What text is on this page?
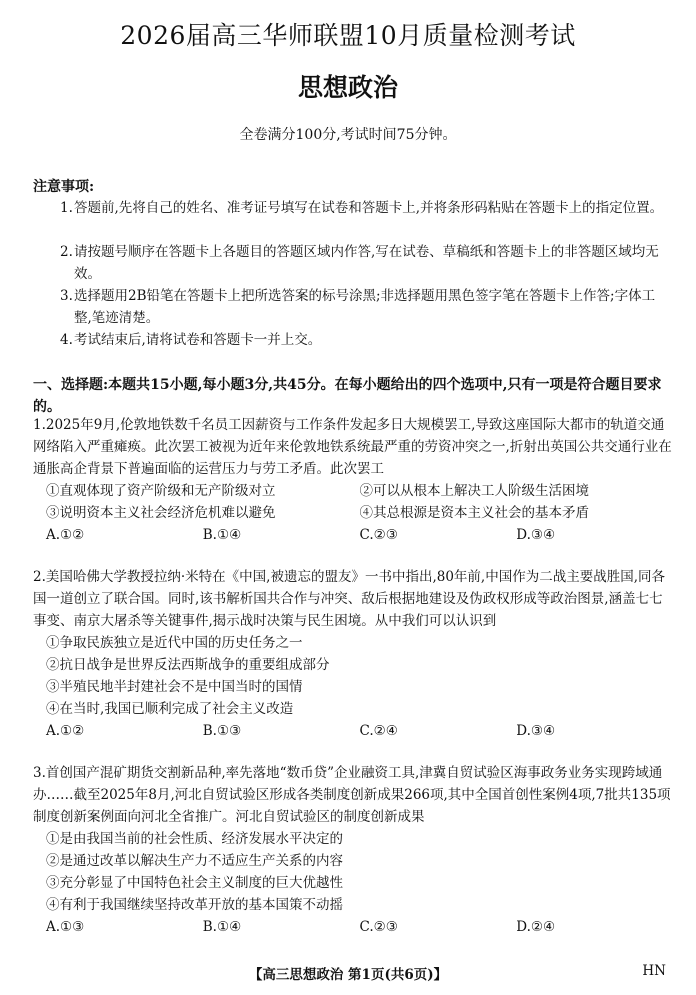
2026届高三华师联盟10月质量检测考试
思想政治
全卷满分100分,考试时间75分钟。
注意事项:
1. 答题前,先将自己的姓名、准考证号填写在试卷和答题卡上,并将条形码粘贴在答题卡上的指定位置。
2. 请按题号顺序在答题卡上各题目的答题区域内作答,写在试卷、草稿纸和答题卡上的非答题区域均无效。
3. 选择题用2B铅笔在答题卡上把所选答案的标号涂黑;非选择题用黑色签字笔在答题卡上作答;字体工整,笔迹清楚。
4. 考试结束后,请将试卷和答题卡一并上交。
一、选择题:本题共15小题,每小题3分,共45分。在每小题给出的四个选项中,只有一项是符合题目要求的。
1.2025年9月,伦敦地铁数千名员工因薪资与工作条件发起多日大规模罢工,导致这座国际大都市的轨道交通网络陷入严重瘫痪。此次罢工被视为近年来伦敦地铁系统最严重的劳资冲突之一,折射出英国公共交通行业在通胀高企背景下普遍面临的运营压力与劳工矛盾。此次罢工
①直观体现了资产阶级和无产阶级对立	②可以从根本上解决工人阶级生活困境
③说明资本主义社会经济危机难以避免	④其总根源是资本主义社会的基本矛盾
A.①②	B.①④	C.②③	D.③④
2.美国哈佛大学教授拉纳·米特在《中国,被遗忘的盟友》一书中指出,80年前,中国作为二战主要战胜国,同各国一道创立了联合国。同时,该书解析国共合作与冲突、敌后根据地建设及伪政权形成等政治图景,涵盖七七事变、南京大屠杀等关键事件,揭示战时决策与民生困境。从中我们可以认识到
①争取民族独立是近代中国的历史任务之一
②抗日战争是世界反法西斯战争的重要组成部分
③半殖民地半封建社会不是中国当时的国情
④在当时,我国已顺利完成了社会主义改造
A.①②	B.①③	C.②④	D.③④
3.首创国产混矿期货交割新品种,率先落地“数币贷”企业融资工具,津冀自贸试验区海事政务业务实现跨域通办……截至2025年8月,河北自贸试验区形成各类制度创新成果266项,其中全国首创性案例4项,7批共135项制度创新案例面向河北全省推广。河北自贸试验区的制度创新成果
①是由我国当前的社会性质、经济发展水平决定的
②是通过改革以解决生产力不适应生产关系的内容
③充分彰显了中国特色社会主义制度的巨大优越性
④有利于我国继续坚持改革开放的基本国策不动摇
A.①③	B.①④	C.②③	D.②④
【高三思想政治 第1页(共6页)】	HN
